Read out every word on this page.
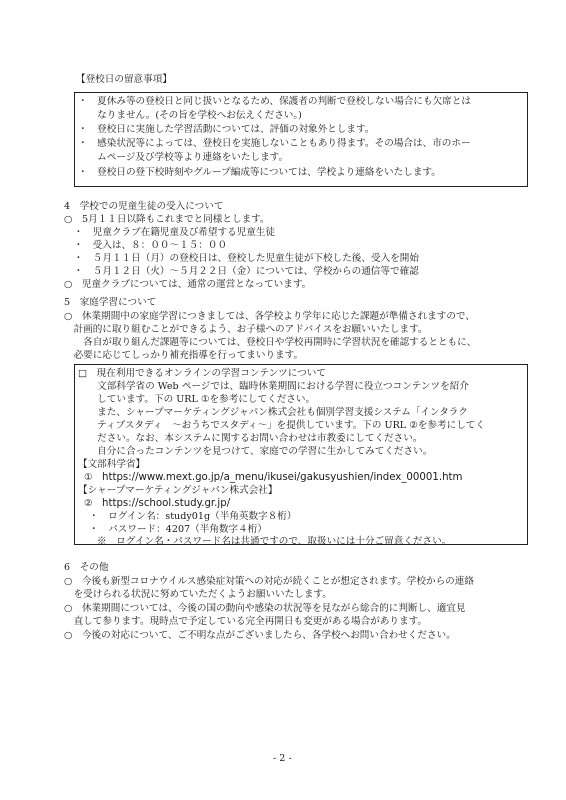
【登校日の留意事項】
・　夏休み等の登校日と同じ扱いとなるため、保護者の判断で登校しない場合にも欠席とは
　　なりません。(その旨を学校へお伝えください。)
・　登校日に実施した学習活動については、評価の対象外とします。
・　感染状況等によっては、登校日を実施しないこともあり得ます。その場合は、市のホー
　　ムページ及び学校等より連絡をいたします。
・　登校日の登下校時刻やグループ編成等については、学校より連絡をいたします。
4　学校での児童生徒の受入について
○　5月１１日以降もこれまでと同様とします。
　・　児童クラブ在籍児童及び希望する児童生徒
　・　受入は、８：００～１５：００
　・　５月１１日（月）の登校日は、登校した児童生徒が下校した後、受入を開始
　・　５月１２日（火）～５月２２日（金）については、学校からの通信等で確認
○　児童クラブについては、通常の運営となっています。
5　家庭学習について
○　休業期間中の家庭学習につきましては、各学校より学年に応じた課題が準備されますので、
　計画的に取り組むことができるよう、お子様へのアドバイスをお願いいたします。
　　各自が取り組んだ課題等については、登校日や学校再開時に学習状況を確認するとともに、
　必要に応じてしっかり補充指導を行ってまいります。
□　現在利用できるオンラインの学習コンテンツについて
　　文部科学省の Web ページでは、臨時休業期間における学習に役立つコンテンツを紹介
　　しています。下の URL ①を参考にしてください。
　　また、シャープマーケティングジャパン株式会社も個別学習支援システム「インタラク
　　ティブスタディ　～おうちでスタディ～」を提供しています。下の URL ②を参考にしてく
　　ださい。なお、本システムに関するお問い合わせは市教委にしてください。
　　自分に合ったコンテンツを見つけて、家庭での学習に生かしてみてください。
【文部科学省】
① https://www.mext.go.jp/a_menu/ikusei/gakusyushien/index_00001.htm
【シャープマーケティングジャパン株式会社】
② https://school.study.gr.jp/
・　ログイン名：study01g（半角英数字８桁）
・　パスワード：4207（半角数字４桁）
※　ログイン名・パスワード名は共通ですので、取扱いには十分ご留意ください。
6　その他
○　今後も新型コロナウイルス感染症対策への対応が続くことが想定されます。学校からの連絡
　を受けられる状況に努めていただくようお願いいたします。
○　休業期間については、今後の国の動向や感染の状況等を見ながら総合的に判断し、適宜見
　直して参ります。現時点で予定している完全再開日も変更がある場合があります。
○　今後の対応について、ご不明な点がございましたら、各学校へお問い合わせください。
- 2 -
